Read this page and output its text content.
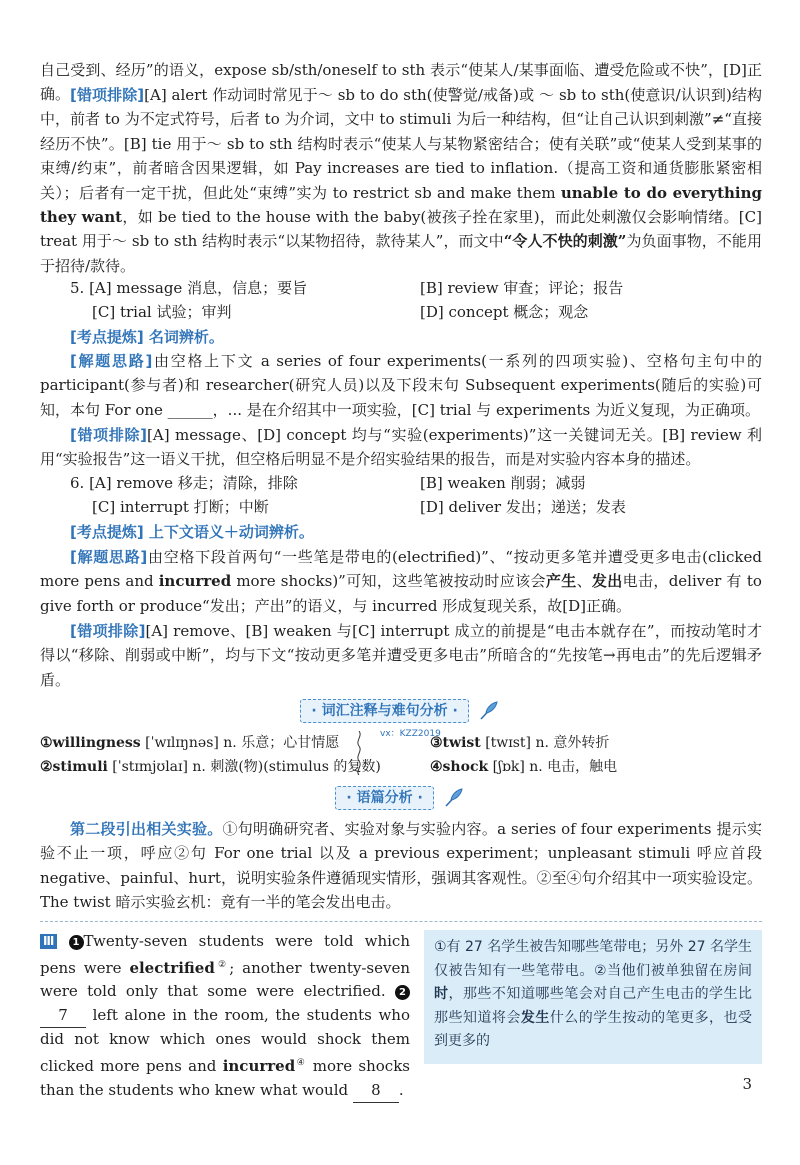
自己受到、经历”的语义，expose sb/sth/oneself to sth 表示“使某人/某事面临、遭受危险或不快”，[D]正确。 [错项排除][A] alert 作动词时常见于～ sb to do sth(使警觉/戒备)或 ～ sb to sth(使意识/认识到)结构中，前者 to 为不定式符号，后者 to 为介词，文中 to stimuli 为后一种结构，但“让自己认识到刺激”≠“直接经历不快”。[B] tie 用于～ sb to sth 结构时表示“使某人与某物紧密结合；使有关联”或“使某人受到某事的束缚/约束”，前者暗含因果逻辑，如 Pay increases are tied to inflation.（提高工资和通货膨胀紧密相关）；后者有一定干扰，但此处“束缚”实为 to restrict sb and make them unable to do everything they want，如 be tied to the house with the baby(被孩子拴在家里)，而此处刺激仅会影响情绪。[C] treat 用于～ sb to sth 结构时表示“以某物招待，款待某人”，而文中“令人不快的刺激”为负面事物，不能用于招待/款待。
5. [A] message 消息，信息；要旨	[B] review 审查；评论；报告
[C] trial 试验；审判	[D] concept 概念；观念
[考点提炼] 名词辨析。
[解题思路]由空格上下文 a series of four experiments(一系列的四项实验)、空格句主句中的 participant(参与者)和 researcher(研究人员)以及下段末句 Subsequent experiments(随后的实验)可知，本句 For one ______，... 是在介绍其中一项实验，[C] trial 与 experiments 为近义复现，为正确项。
[错项排除][A] message、[D] concept 均与“实验(experiments)”这一关键词无关。[B] review 利用“实验报告”这一语义干扰，但空格后明显不是介绍实验结果的报告，而是对实验内容本身的描述。
6. [A] remove 移走；清除，排除	[B] weaken 削弱；减弱
[C] interrupt 打断；中断	[D] deliver 发出；递送；发表
[考点提炼] 上下文语义＋动词辨析。
[解题思路]由空格下段首两句“一些笔是带电的(electrified)”、“按动更多笔并遭受更多电击(clicked more pens and incurred more shocks)”可知，这些笔被按动时应该会产生、发出电击，deliver 有 to give forth or produce“发出；产出”的语义，与 incurred 形成复现关系，故[D]正确。
[错项排除][A] remove、[B] weaken 与[C] interrupt 成立的前提是“电击本就存在”，而按动笔时才得以“移除、削弱或中断”，均与下文“按动更多笔并遭受更多电击”所暗含的“先按笔→再电击”的先后逻辑矛盾。
· 词汇注释与难句分析 ·
vx：KZZ2019
①willingness [ˈwɪlɪŋnəs] n. 乐意；心甘情愿	③twist [twɪst] n. 意外转折
②stimuli [ˈstɪmjʊlaɪ] n. 刺激(物)(stimulus 的复数)	④shock [ʃɒk] n. 电击，触电
· 语篇分析 ·
第二段引出相关实验。①句明确研究者、实验对象与实验内容。a series of four experiments 提示实验不止一项，呼应②句 For one trial 以及 a previous experiment；unpleasant stimuli 呼应首段 negative、painful、hurt，说明实验条件遵循现实情形，强调其客观性。②至④句介绍其中一项实验设定。The twist 暗示实验玄机：竟有一半的笔会发出电击。
Ⅲ 1 Twenty-seven students were told which pens were electrified②; another twenty-seven were told only that some were electrified. 2 7 left alone in the room, the students who did not know which ones would shock them clicked more pens and incurred④ more shocks than the students who knew what would 8 .
①有 27 名学生被告知哪些笔带电；另外 27 名学生仅被告知有一些笔带电。②当他们被单独留在房间时，那些不知道哪些笔会对自己产生电击的学生比那些知道将会发生什么的学生按动的笔更多，也受到更多的
3
